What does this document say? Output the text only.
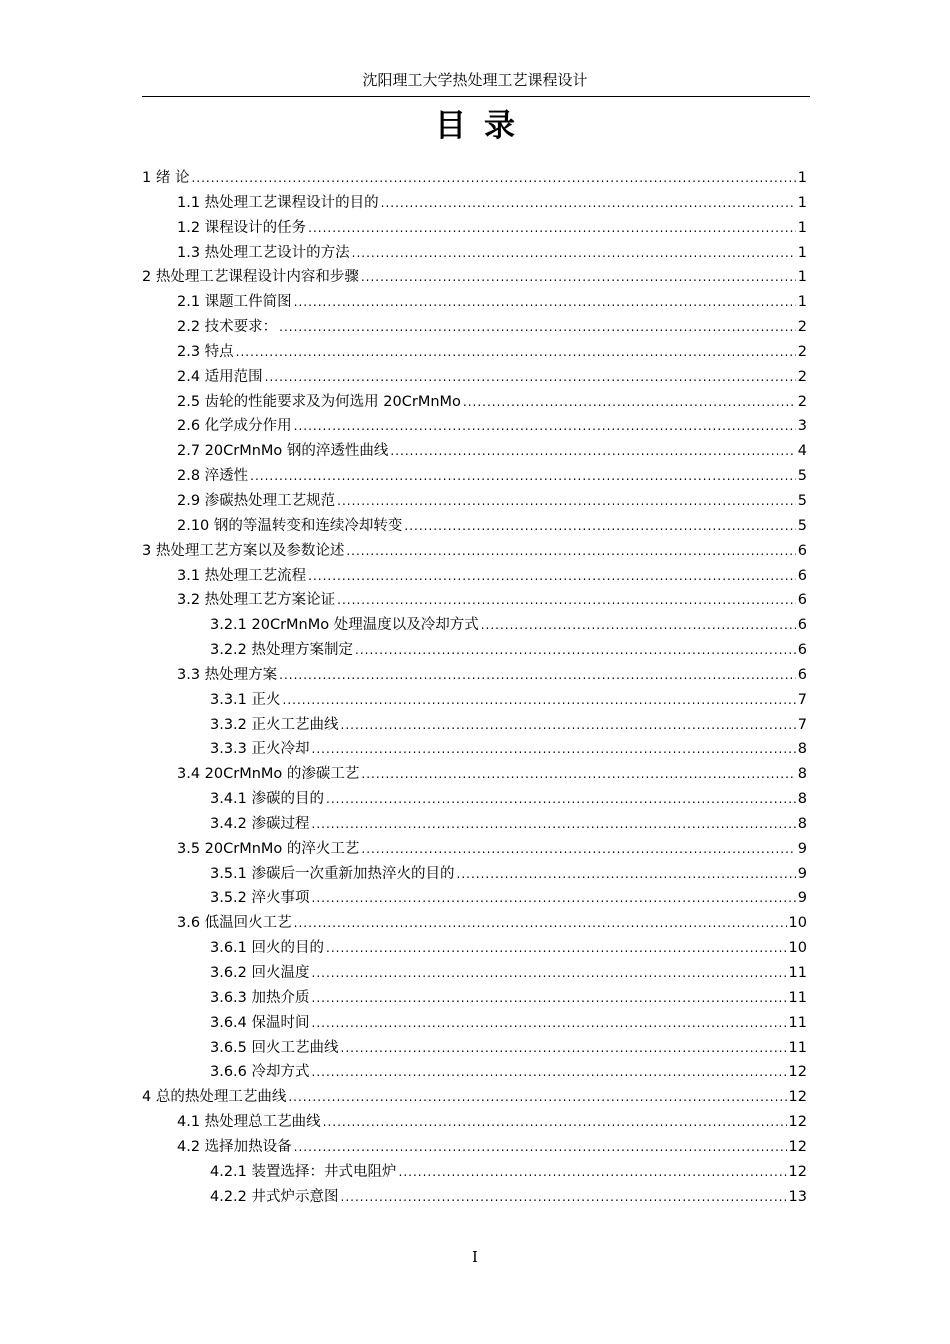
沈阳理工大学热处理工艺课程设计
目录
1 绪 论 .....	1
1.1 热处理工艺课程设计的目的 .....	1
1.2 课程设计的任务 .....	1
1.3 热处理工艺设计的方法 .....	1
2 热处理工艺课程设计内容和步骤 .....	1
2.1 课题工件简图 .....	1
2.2 技术要求： .....	2
2.3 特点 .....	2
2.4 适用范围 .....	2
2.5 齿轮的性能要求及为何选用 20CrMnMo .....	2
2.6 化学成分作用 .....	3
2.7 20CrMnMo 钢的淬透性曲线 .....	4
2.8 淬透性 .....	5
2.9 渗碳热处理工艺规范 .....	5
2.10 钢的等温转变和连续冷却转变 .....	5
3 热处理工艺方案以及参数论述 .....	6
3.1 热处理工艺流程 .....	6
3.2 热处理工艺方案论证 .....	6
3.2.1 20CrMnMo 处理温度以及冷却方式 .....	6
3.2.2 热处理方案制定 .....	6
3.3 热处理方案 .....	6
3.3.1 正火 .....	7
3.3.2 正火工艺曲线 .....	7
3.3.3 正火冷却 .....	8
3.4 20CrMnMo 的渗碳工艺 .....	8
3.4.1 渗碳的目的 .....	8
3.4.2 渗碳过程 .....	8
3.5 20CrMnMo 的淬火工艺 .....	9
3.5.1 渗碳后一次重新加热淬火的目的 .....	9
3.5.2 淬火事项 .....	9
3.6 低温回火工艺 .....	10
3.6.1 回火的目的 .....	10
3.6.2 回火温度 .....	11
3.6.3 加热介质 .....	11
3.6.4 保温时间 .....	11
3.6.5 回火工艺曲线 .....	11
3.6.6 冷却方式 .....	12
4 总的热处理工艺曲线 .....	12
4.1 热处理总工艺曲线 .....	12
4.2 选择加热设备 .....	12
4.2.1 装置选择：井式电阻炉 .....	12
4.2.2 井式炉示意图 .....	13
I
